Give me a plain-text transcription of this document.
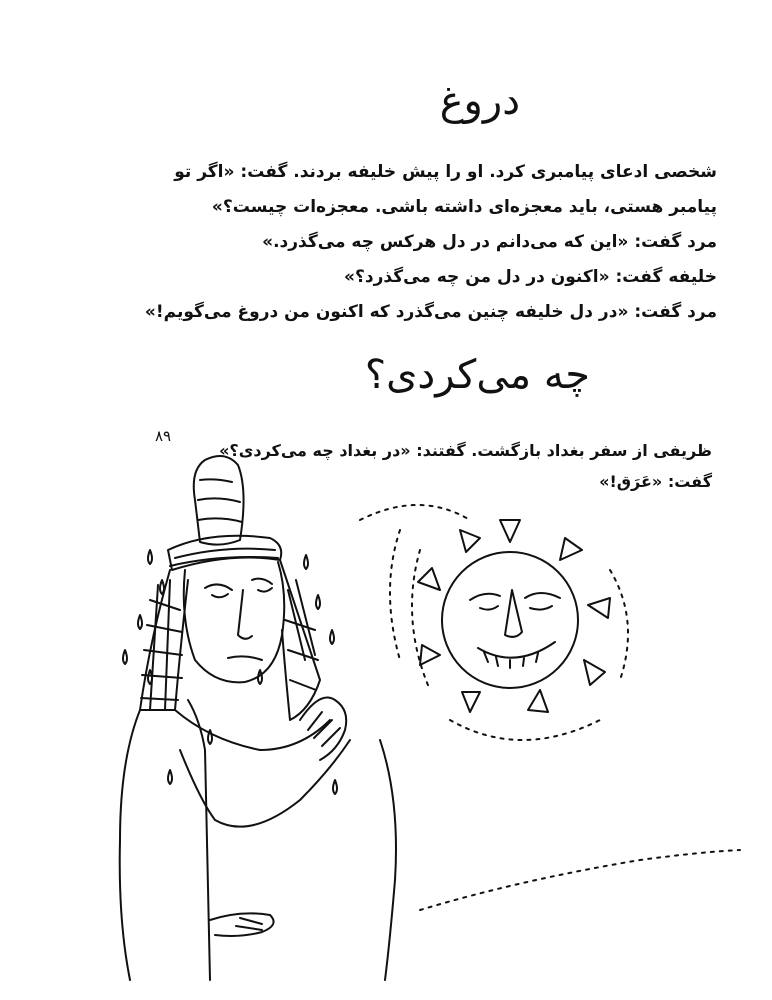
دروغ
شخصی ادعای پیامبری کرد. او را پیش خلیفه بردند. گفت: «اگر تو
پیامبر هستی، باید معجزه‌ای داشته باشی. معجزه‌ات چیست؟»
مرد گفت: «این که می‌دانم در دل هرکس چه می‌گذرد.»
خلیفه گفت: «اکنون در دل من چه می‌گذرد؟»
مرد گفت: «در دل خلیفه چنین می‌گذرد که اکنون من دروغ می‌گویم!»
چه می‌کردی؟
۸۹
ظریفی از سفر بغداد بازگشت. گفتند: «در بغداد چه می‌کردی؟»
گفت: «عَرَق!»
